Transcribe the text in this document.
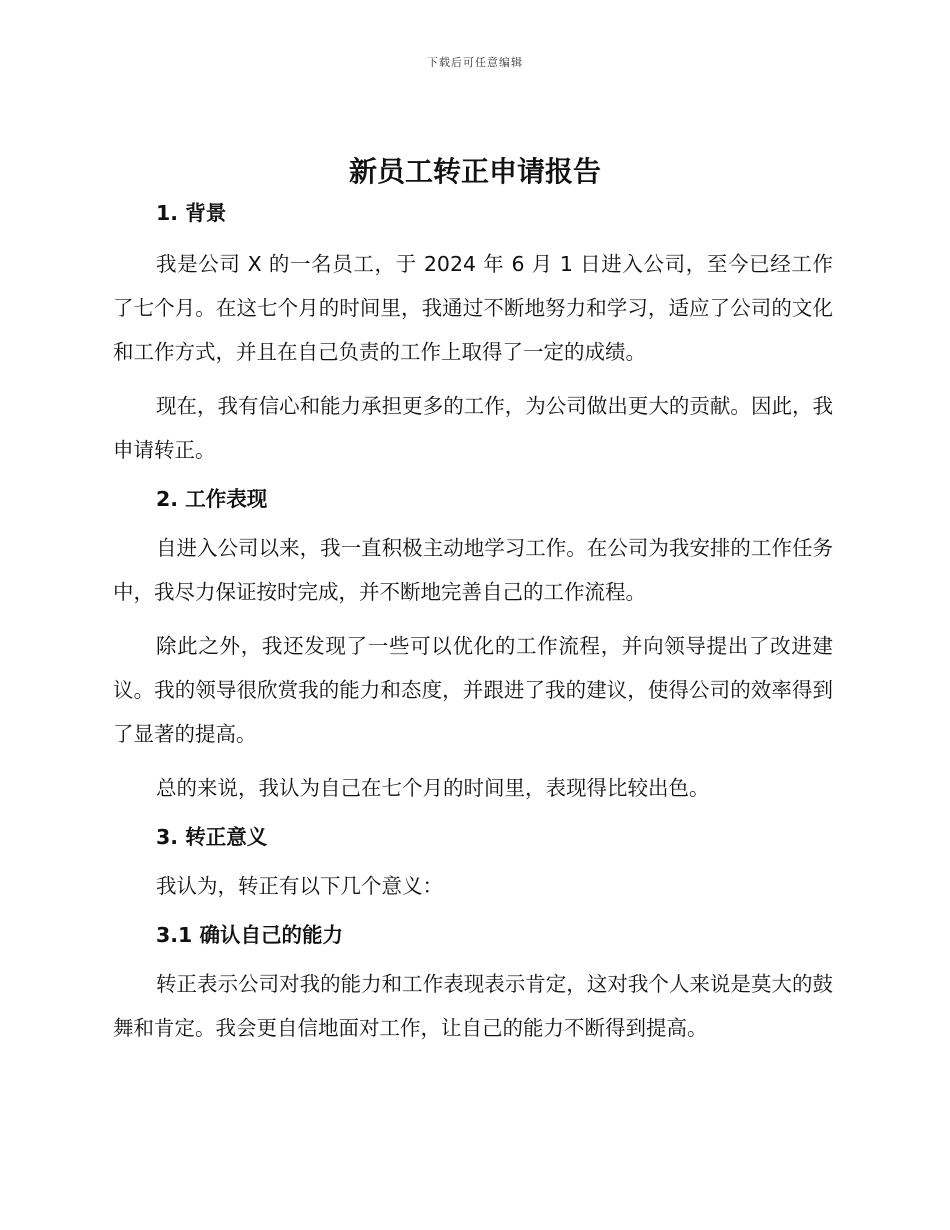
下载后可任意编辑
新员工转正申请报告
1. 背景

我是公司 X 的一名员工，于 2024 年 6 月 1 日进入公司，至今已经工作了七个月。在这七个月的时间里，我通过不断地努力和学习，适应了公司的文化和工作方式，并且在自己负责的工作上取得了一定的成绩。

现在，我有信心和能力承担更多的工作，为公司做出更大的贡献。因此，我申请转正。

2. 工作表现

自进入公司以来，我一直积极主动地学习工作。在公司为我安排的工作任务中，我尽力保证按时完成，并不断地完善自己的工作流程。

除此之外，我还发现了一些可以优化的工作流程，并向领导提出了改进建议。我的领导很欣赏我的能力和态度，并跟进了我的建议，使得公司的效率得到了显著的提高。

总的来说，我认为自己在七个月的时间里，表现得比较出色。

3. 转正意义

我认为，转正有以下几个意义：

3.1 确认自己的能力

转正表示公司对我的能力和工作表现表示肯定，这对我个人来说是莫大的鼓舞和肯定。我会更自信地面对工作，让自己的能力不断得到提高。
